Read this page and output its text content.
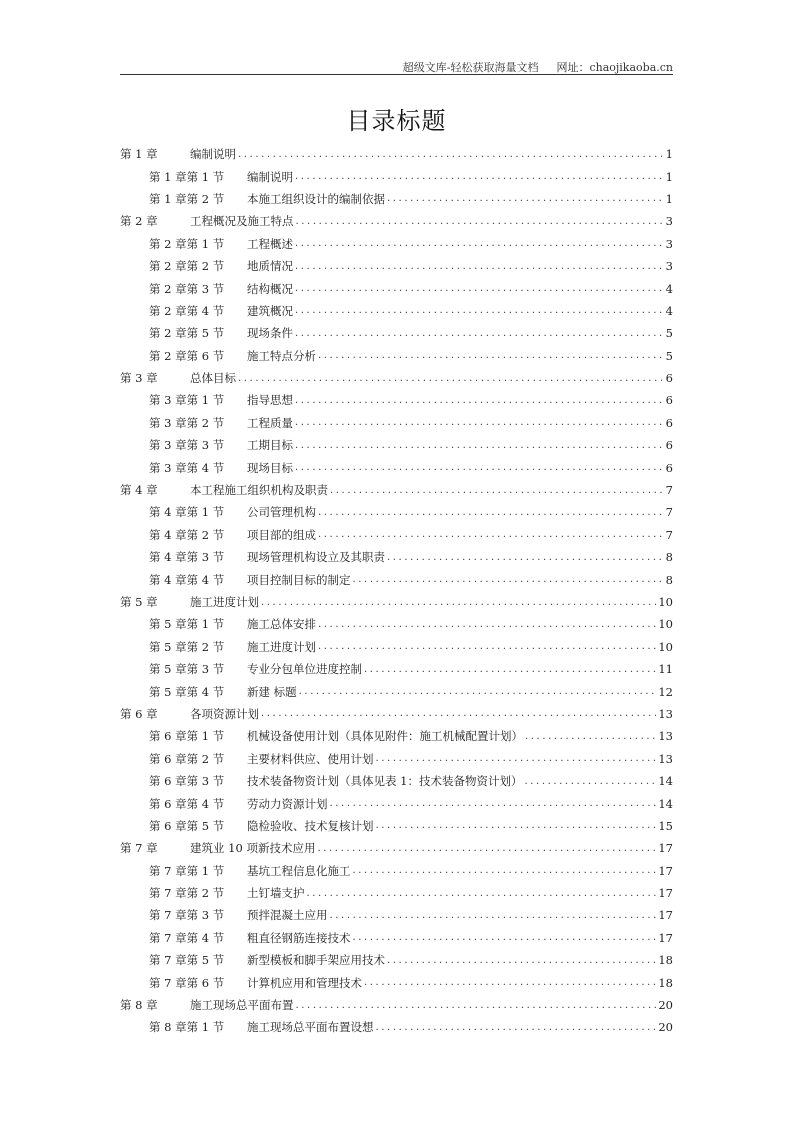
超级文库-轻松获取海量文档 网址：chaojikaoba.cn
目录标题
第 1 章	编制说明 .....	1
第 1 章第 1 节	编制说明 .....	1
第 1 章第 2 节	本施工组织设计的编制依据 .....	1
第 2 章	工程概况及施工特点 .....	3
第 2 章第 1 节	工程概述 .....	3
第 2 章第 2 节	地质情况 .....	3
第 2 章第 3 节	结构概况 .....	4
第 2 章第 4 节	建筑概况 .....	4
第 2 章第 5 节	现场条件 .....	5
第 2 章第 6 节	施工特点分析 .....	5
第 3 章	总体目标 .....	6
第 3 章第 1 节	指导思想 .....	6
第 3 章第 2 节	工程质量 .....	6
第 3 章第 3 节	工期目标 .....	6
第 3 章第 4 节	现场目标 .....	6
第 4 章	本工程施工组织机构及职责 .....	7
第 4 章第 1 节	公司管理机构 .....	7
第 4 章第 2 节	项目部的组成 .....	7
第 4 章第 3 节	现场管理机构设立及其职责 .....	8
第 4 章第 4 节	项目控制目标的制定 .....	8
第 5 章	施工进度计划 .....	10
第 5 章第 1 节	施工总体安排 .....	10
第 5 章第 2 节	施工进度计划 .....	10
第 5 章第 3 节	专业分包单位进度控制 .....	11
第 5 章第 4 节	新建 标题 .....	12
第 6 章	各项资源计划 .....	13
第 6 章第 1 节	机械设备使用计划（具体见附件：施工机械配置计划） .....	13
第 6 章第 2 节	主要材料供应、使用计划 .....	13
第 6 章第 3 节	技术装备物资计划（具体见表 1：技术装备物资计划） .....	14
第 6 章第 4 节	劳动力资源计划 .....	14
第 6 章第 5 节	隐检验收、技术复核计划 .....	15
第 7 章	建筑业 10 项新技术应用 .....	17
第 7 章第 1 节	基坑工程信息化施工 .....	17
第 7 章第 2 节	土钉墙支护 .....	17
第 7 章第 3 节	预拌混凝土应用 .....	17
第 7 章第 4 节	粗直径钢筋连接技术 .....	17
第 7 章第 5 节	新型模板和脚手架应用技术 .....	18
第 7 章第 6 节	计算机应用和管理技术 .....	18
第 8 章	施工现场总平面布置 .....	20
第 8 章第 1 节	施工现场总平面布置设想 .....	20
